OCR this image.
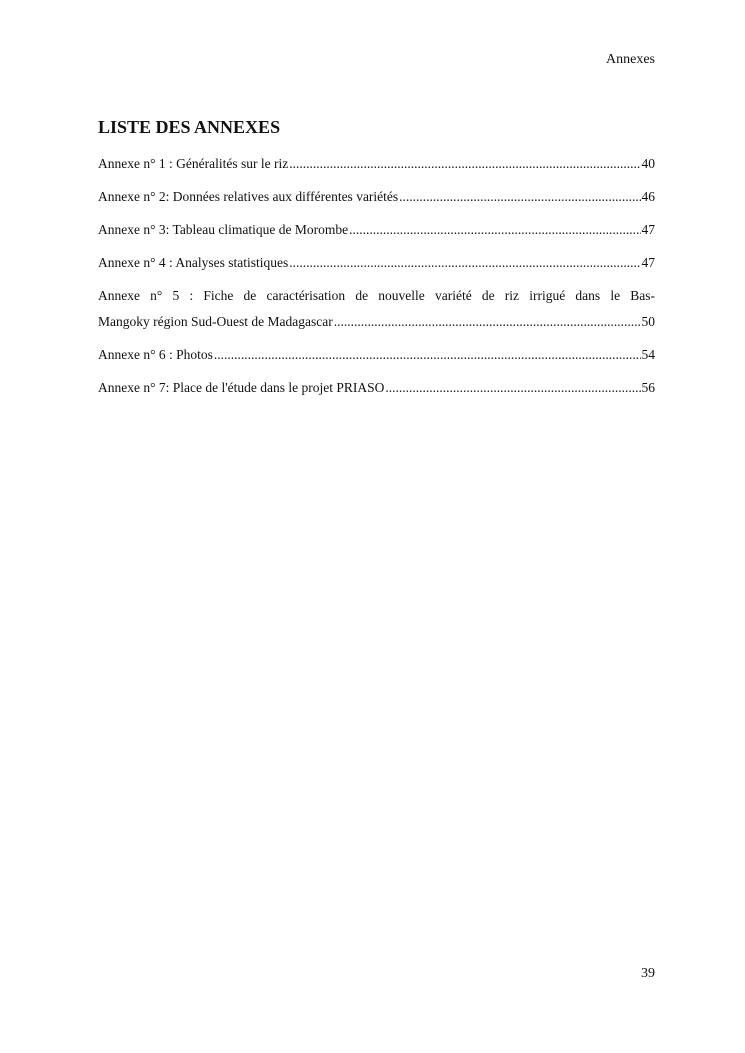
Annexes
LISTE DES ANNEXES
Annexe n° 1 : Généralités sur le riz .....	40
Annexe n° 2: Données relatives aux différentes variétés .....	46
Annexe n° 3: Tableau climatique de Morombe .....	47
Annexe n° 4 : Analyses statistiques .....	47
Annexe n° 5 : Fiche de caractérisation de nouvelle variété de riz irrigué dans le Bas-
Mangoky région Sud-Ouest de Madagascar .....	50
Annexe n° 6 : Photos .....	54
Annexe n° 7: Place de l'étude dans le projet PRIASO .....	56
39
